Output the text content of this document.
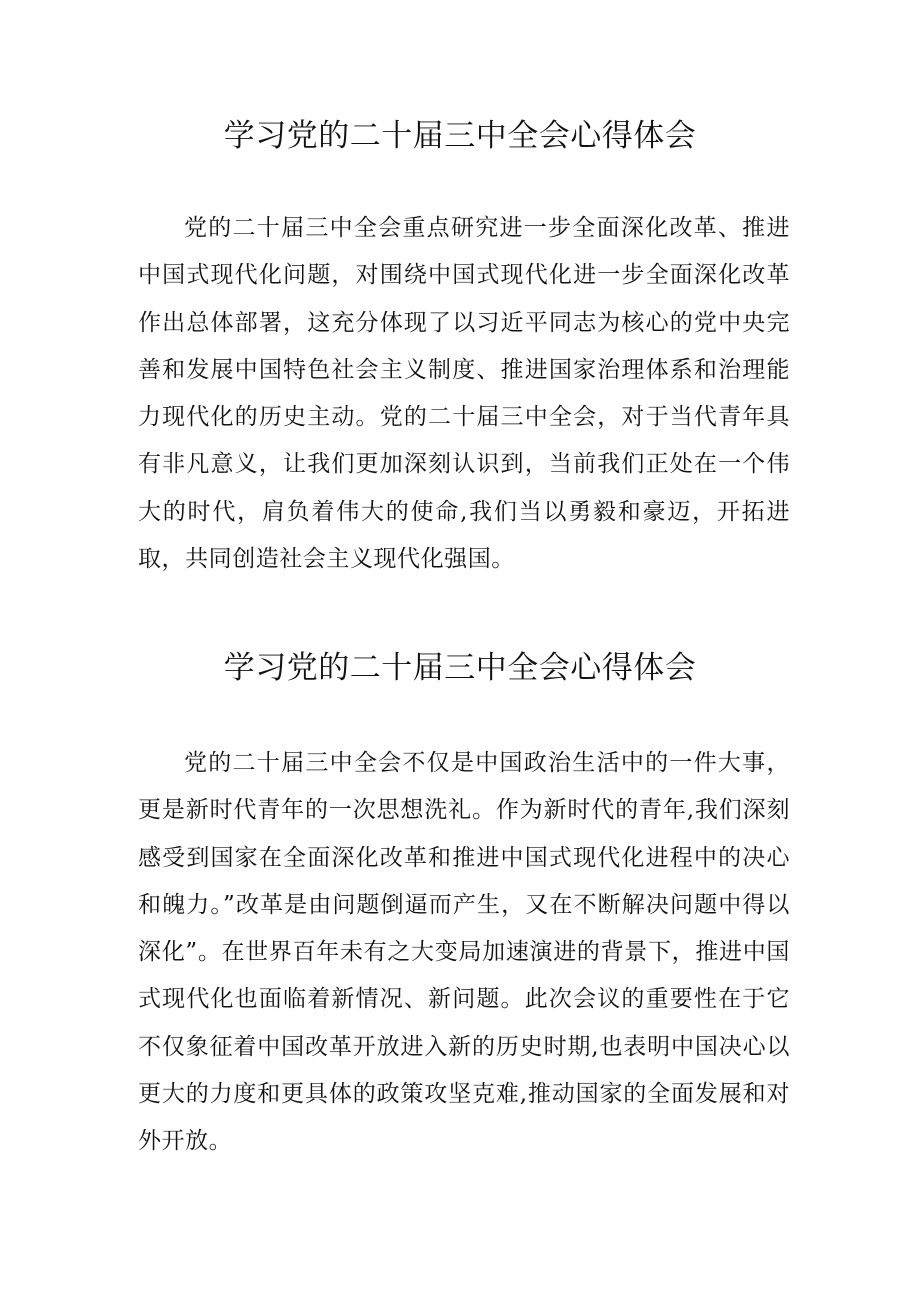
学习党的二十届三中全会心得体会

党的二十届三中全会重点研究进一步全面深化改革、推进中国式现代化问题，对围绕中国式现代化进一步全面深化改革作出总体部署，这充分体现了以习近平同志为核心的党中央完善和发展中国特色社会主义制度、推进国家治理体系和治理能力现代化的历史主动。党的二十届三中全会，对于当代青年具有非凡意义，让我们更加深刻认识到，当前我们正处在一个伟大的时代，肩负着伟大的使命,我们当以勇毅和豪迈，开拓进取，共同创造社会主义现代化强国。

学习党的二十届三中全会心得体会

党的二十届三中全会不仅是中国政治生活中的一件大事，更是新时代青年的一次思想洗礼。作为新时代的青年,我们深刻感受到国家在全面深化改革和推进中国式现代化进程中的决心和魄力。”改革是由问题倒逼而产生，又在不断解决问题中得以深化”。在世界百年未有之大变局加速演进的背景下，推进中国式现代化也面临着新情况、新问题。此次会议的重要性在于它不仅象征着中国改革开放进入新的历史时期,也表明中国决心以更大的力度和更具体的政策攻坚克难,推动国家的全面发展和对外开放。
